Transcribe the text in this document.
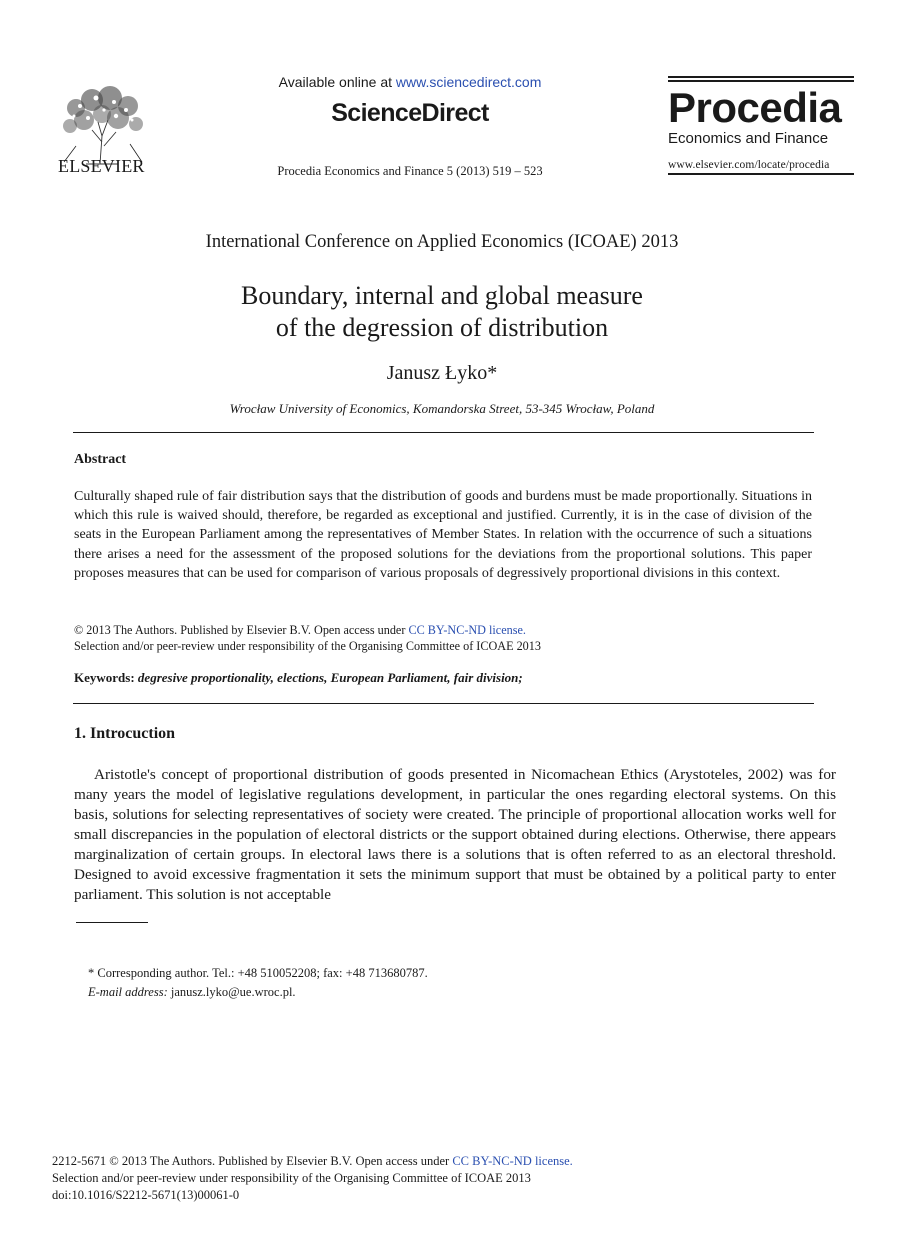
ELSEVIER
Available online at www.sciencedirect.com
ScienceDirect
Procedia Economics and Finance 5 (2013) 519 – 523
Procedia
Economics and Finance
www.elsevier.com/locate/procedia
International Conference on Applied Economics (ICOAE) 2013
Boundary, internal and global measure
of the degression of distribution
Janusz Łyko*
Wrocław University of Economics, Komandorska Street, 53-345 Wrocław, Poland
Abstract
Culturally shaped rule of fair distribution says that the distribution of goods and burdens must be made proportionally. Situations in which this rule is waived should, therefore, be regarded as exceptional and justified. Currently, it is in the case of division of the seats in the European Parliament among the representatives of Member States. In relation with the occurrence of such a situations there arises a need for the assessment of the proposed solutions for the deviations from the proportional solutions. This paper proposes measures that can be used for comparison of various proposals of degressively proportional divisions in this context.
© 2013 The Authors. Published by Elsevier B.V. Open access under CC BY-NC-ND license.
Selection and/or peer-review under responsibility of the Organising Committee of ICOAE 2013
Keywords: degresive proportionality, elections, European Parliament, fair division;
1. Introcuction
Aristotle's concept of proportional distribution of goods presented in Nicomachean Ethics (Arystoteles, 2002) was for many years the model of legislative regulations development, in particular the ones regarding electoral systems. On this basis, solutions for selecting representatives of society were created. The principle of proportional allocation works well for small discrepancies in the population of electoral districts or the support obtained during elections. Otherwise, there appears marginalization of certain groups. In electoral laws there is a solutions that is often referred to as an electoral threshold. Designed to avoid excessive fragmentation it sets the minimum support that must be obtained by a political party to enter parliament. This solution is not acceptable
* Corresponding author. Tel.: +48 510052208; fax: +48 713680787.
E-mail address: janusz.lyko@ue.wroc.pl.
2212-5671 © 2013 The Authors. Published by Elsevier B.V. Open access under CC BY-NC-ND license.
Selection and/or peer-review under responsibility of the Organising Committee of ICOAE 2013
doi:10.1016/S2212-5671(13)00061-0
